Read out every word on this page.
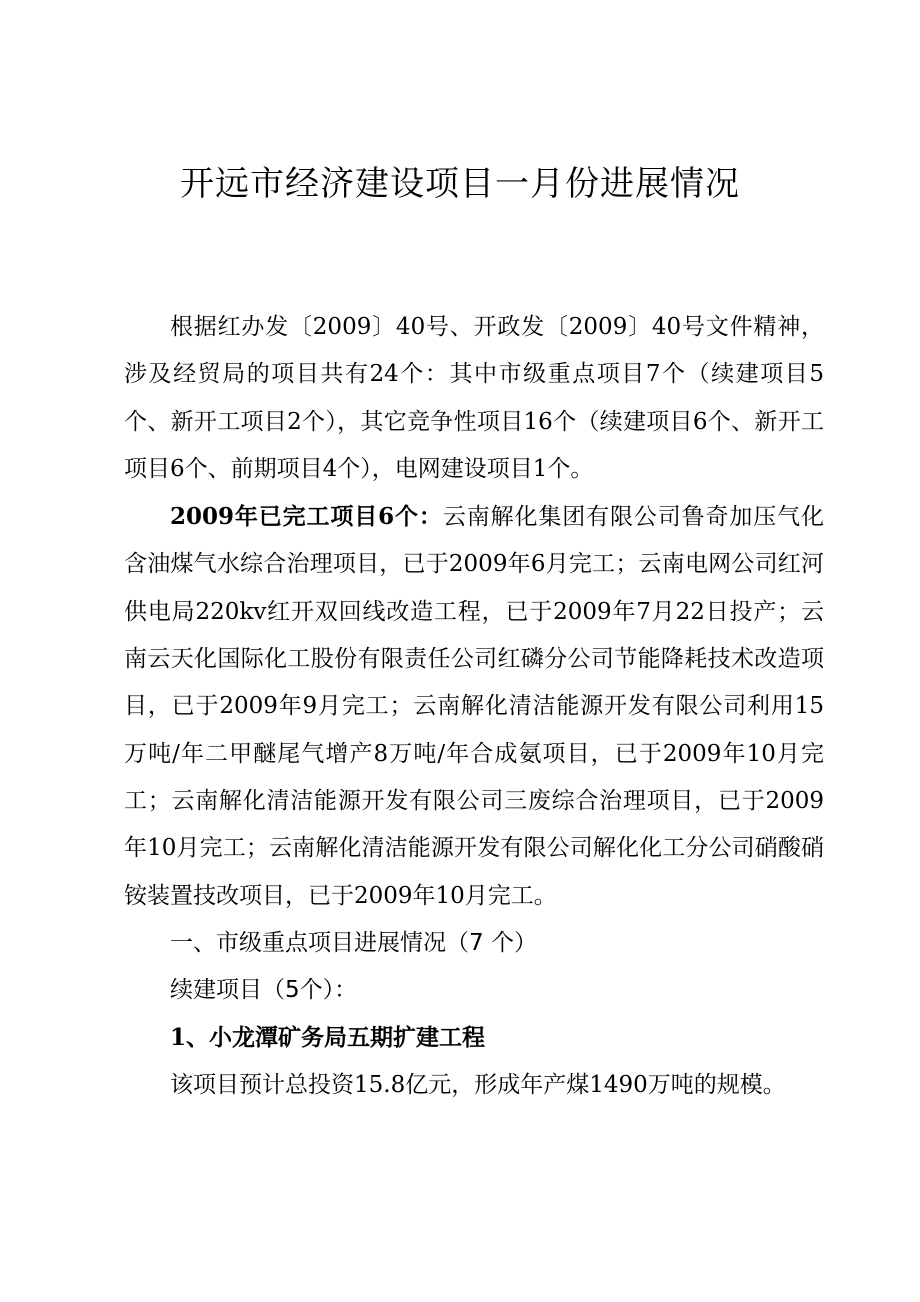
开远市经济建设项目一月份进展情况

根据红办发〔2009〕40号、开政发〔2009〕40号文件精神，涉及经贸局的项目共有24个：其中市级重点项目7个（续建项目5个、新开工项目2个），其它竞争性项目16个（续建项目6个、新开工项目6个、前期项目4个），电网建设项目1个。

2009年已完工项目6个：云南解化集团有限公司鲁奇加压气化含油煤气水综合治理项目，已于2009年6月完工；云南电网公司红河供电局220kv红开双回线改造工程，已于2009年7月22日投产；云南云天化国际化工股份有限责任公司红磷分公司节能降耗技术改造项目，已于2009年9月完工；云南解化清洁能源开发有限公司利用15万吨/年二甲醚尾气增产8万吨/年合成氨项目，已于2009年10月完工；云南解化清洁能源开发有限公司三废综合治理项目，已于2009年10月完工；云南解化清洁能源开发有限公司解化化工分公司硝酸硝铵装置技改项目，已于2009年10月完工。

一、市级重点项目进展情况（7 个）

续建项目（5个）：

1、小龙潭矿务局五期扩建工程

该项目预计总投资15.8亿元，形成年产煤1490万吨的规模。
